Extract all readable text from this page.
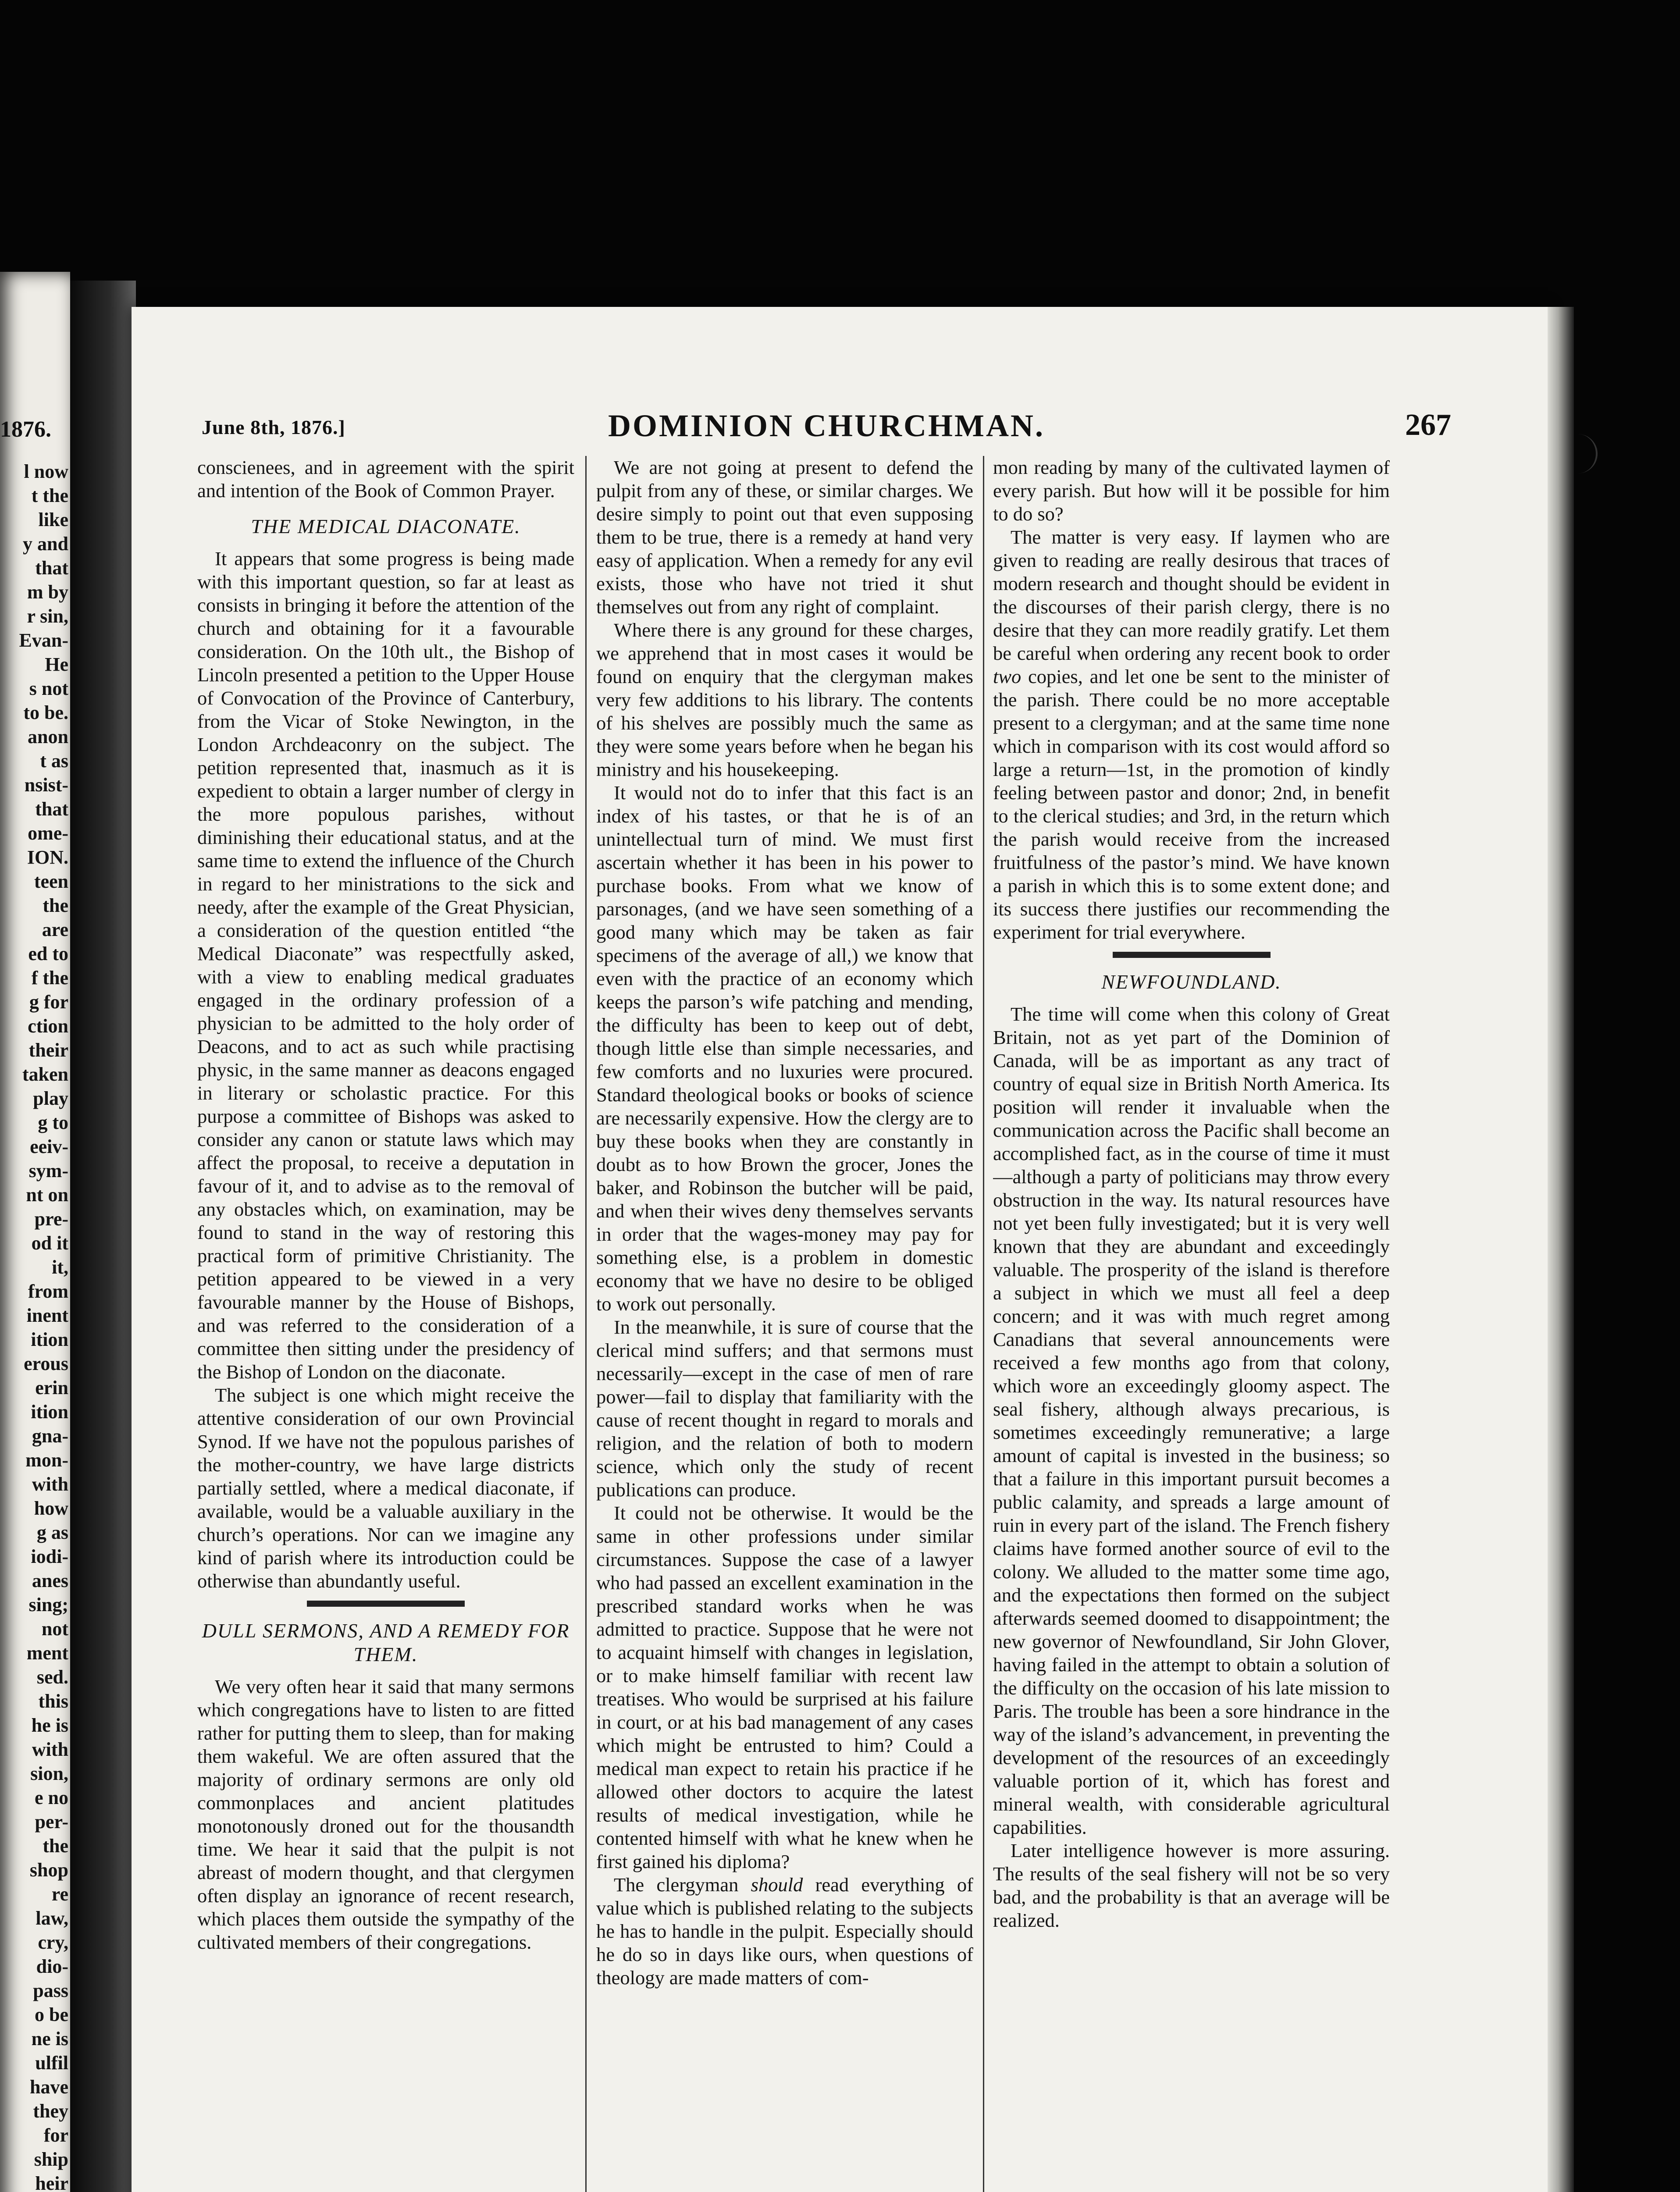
1876.
l now
t the
like
y and
that
m by
r sin,
Evan-
He
s not
to be.
anon
t as
nsist-
that
ome-
ION.
teen
the
are
ed to
f the
g for
ction
their
taken
play
g to
eeiv-
sym-
nt on
pre-
od it
it,
from
inent
ition
erous
erin
ition
gna-
mon-
with
how
g as
iodi-
anes
sing;
not
ment
sed.
this
he is
with
sion,
e no
per-
the
shop
re
law,
cry,
dio-
pass
o be
ne is
ulfil
have
they
for
ship
heir
June 8th, 1876.]	DOMINION CHURCHMAN.	267

conscienees, and in agreement with the spirit and intention of the Book of Common Prayer.

THE MEDICAL DIACONATE.

It appears that some progress is being made with this important question, so far at least as consists in bringing it before the attention of the church and obtaining for it a favourable consideration. On the 10th ult., the Bishop of Lincoln presented a petition to the Upper House of Convocation of the Province of Canterbury, from the Vicar of Stoke Newington, in the London Archdeaconry on the subject. The petition represented that, inasmuch as it is expedient to obtain a larger number of clergy in the more populous parishes, without diminishing their educational status, and at the same time to extend the influence of the Church in regard to her ministrations to the sick and needy, after the example of the Great Physician, a consideration of the question entitled “the Medical Diaconate” was respectfully asked, with a view to enabling medical graduates engaged in the ordinary profession of a physician to be admitted to the holy order of Deacons, and to act as such while practising physic, in the same manner as deacons engaged in literary or scholastic practice. For this purpose a committee of Bishops was asked to consider any canon or statute laws which may affect the proposal, to receive a deputation in favour of it, and to advise as to the removal of any obstacles which, on examination, may be found to stand in the way of restoring this practical form of primitive Christianity. The petition appeared to be viewed in a very favourable manner by the House of Bishops, and was referred to the consideration of a committee then sitting under the presidency of the Bishop of London on the diaconate.

The subject is one which might receive the attentive consideration of our own Provincial Synod. If we have not the populous parishes of the mother-country, we have large districts partially settled, where a medical diaconate, if available, would be a valuable auxiliary in the church’s operations. Nor can we imagine any kind of parish where its introduction could be otherwise than abundantly useful.

DULL SERMONS, AND A REMEDY FOR THEM.

We very often hear it said that many sermons which congregations have to listen to are fitted rather for putting them to sleep, than for making them wakeful. We are often assured that the majority of ordinary sermons are only old commonplaces and ancient platitudes monotonously droned out for the thousandth time. We hear it said that the pulpit is not abreast of modern thought, and that clergymen often display an ignorance of recent research, which places them outside the sympathy of the cultivated members of their congregations.

We are not going at present to defend the pulpit from any of these, or similar charges. We desire simply to point out that even supposing them to be true, there is a remedy at hand very easy of application. When a remedy for any evil exists, those who have not tried it shut themselves out from any right of complaint.

Where there is any ground for these charges, we apprehend that in most cases it would be found on enquiry that the clergyman makes very few additions to his library. The contents of his shelves are possibly much the same as they were some years before when he began his ministry and his housekeeping.

It would not do to infer that this fact is an index of his tastes, or that he is of an unintellectual turn of mind. We must first ascertain whether it has been in his power to purchase books. From what we know of parsonages, (and we have seen something of a good many which may be taken as fair specimens of the average of all,) we know that even with the practice of an economy which keeps the parson’s wife patching and mending, the difficulty has been to keep out of debt, though little else than simple necessaries, and few comforts and no luxuries were procured. Standard theological books or books of science are necessarily expensive. How the clergy are to buy these books when they are constantly in doubt as to how Brown the grocer, Jones the baker, and Robinson the butcher will be paid, and when their wives deny themselves servants in order that the wages-money may pay for something else, is a problem in domestic economy that we have no desire to be obliged to work out personally.

In the meanwhile, it is sure of course that the clerical mind suffers; and that sermons must necessarily—except in the case of men of rare power—fail to display that familiarity with the cause of recent thought in regard to morals and religion, and the relation of both to modern science, which only the study of recent publications can produce.

It could not be otherwise. It would be the same in other professions under similar circumstances. Suppose the case of a lawyer who had passed an excellent examination in the prescribed standard works when he was admitted to practice. Suppose that he were not to acquaint himself with changes in legislation, or to make himself familiar with recent law treatises. Who would be surprised at his failure in court, or at his bad management of any cases which might be entrusted to him? Could a medical man expect to retain his practice if he allowed other doctors to acquire the latest results of medical investigation, while he contented himself with what he knew when he first gained his diploma?

The clergyman should read everything of value which is published relating to the subjects he has to handle in the pulpit. Especially should he do so in days like ours, when questions of theology are made matters of com-

mon reading by many of the cultivated laymen of every parish. But how will it be possible for him to do so?

The matter is very easy. If laymen who are given to reading are really desirous that traces of modern research and thought should be evident in the discourses of their parish clergy, there is no desire that they can more readily gratify. Let them be careful when ordering any recent book to order two copies, and let one be sent to the minister of the parish. There could be no more acceptable present to a clergyman; and at the same time none which in comparison with its cost would afford so large a return—1st, in the promotion of kindly feeling between pastor and donor; 2nd, in benefit to the clerical studies; and 3rd, in the return which the parish would receive from the increased fruitfulness of the pastor’s mind. We have known a parish in which this is to some extent done; and its success there justifies our recommending the experiment for trial everywhere.

NEWFOUNDLAND.

The time will come when this colony of Great Britain, not as yet part of the Dominion of Canada, will be as important as any tract of country of equal size in British North America. Its position will render it invaluable when the communication across the Pacific shall become an accomplished fact, as in the course of time it must—although a party of politicians may throw every obstruction in the way. Its natural resources have not yet been fully investigated; but it is very well known that they are abundant and exceedingly valuable. The prosperity of the island is therefore a subject in which we must all feel a deep concern; and it was with much regret among Canadians that several announcements were received a few months ago from that colony, which wore an exceedingly gloomy aspect. The seal fishery, although always precarious, is sometimes exceedingly remunerative; a large amount of capital is invested in the business; so that a failure in this important pursuit becomes a public calamity, and spreads a large amount of ruin in every part of the island. The French fishery claims have formed another source of evil to the colony. We alluded to the matter some time ago, and the expectations then formed on the subject afterwards seemed doomed to disappointment; the new governor of Newfoundland, Sir John Glover, having failed in the attempt to obtain a solution of the difficulty on the occasion of his late mission to Paris. The trouble has been a sore hindrance in the way of the island’s advancement, in preventing the development of the resources of an exceedingly valuable portion of it, which has forest and mineral wealth, with considerable agricultural capabilities.

Later intelligence however is more assuring. The results of the seal fishery will not be so very bad, and the probability is that an average will be realized.
